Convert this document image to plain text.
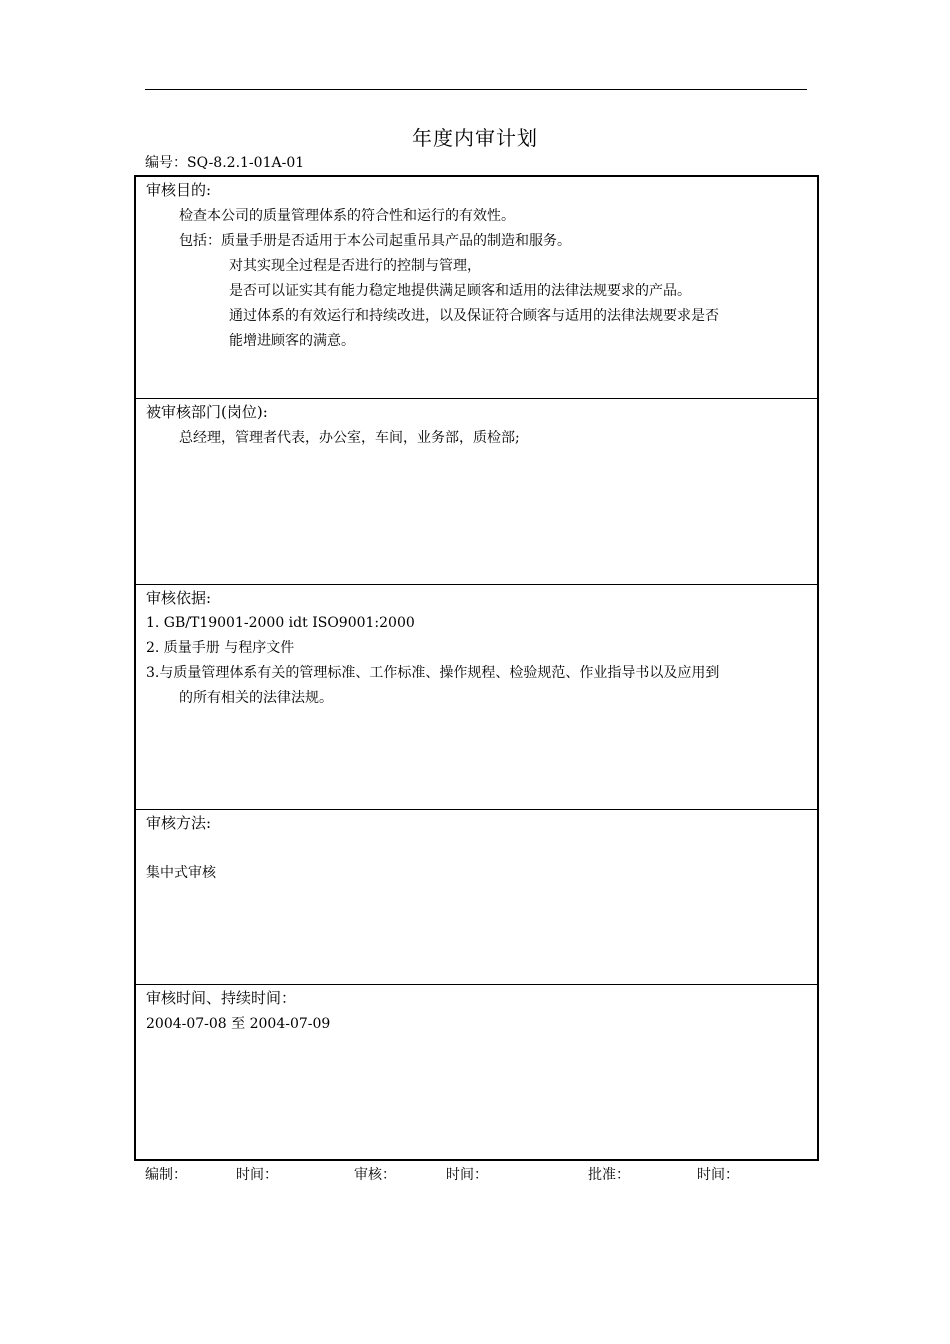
年度内审计划
编号：SQ-8.2.1-01A-01
审核目的:
检查本公司的质量管理体系的符合性和运行的有效性。
包括：质量手册是否适用于本公司起重吊具产品的制造和服务。
对其实现全过程是否进行的控制与管理，
是否可以证实其有能力稳定地提供满足顾客和适用的法律法规要求的产品。
通过体系的有效运行和持续改进，以及保证符合顾客与适用的法律法规要求是否
能增进顾客的满意。
被审核部门(岗位):
总经理，管理者代表，办公室，车间，业务部，质检部;
审核依据:
1. GB/T19001-2000 idt ISO9001:2000
2. 质量手册 与程序文件
3.与质量管理体系有关的管理标准、工作标准、操作规程、检验规范、作业指导书以及应用到
的所有相关的法律法规。
审核方法:
集中式审核
审核时间、持续时间：
2004-07-08 至 2004-07-09
编制：	时间：	审核：	时间：	批准：	时间：
